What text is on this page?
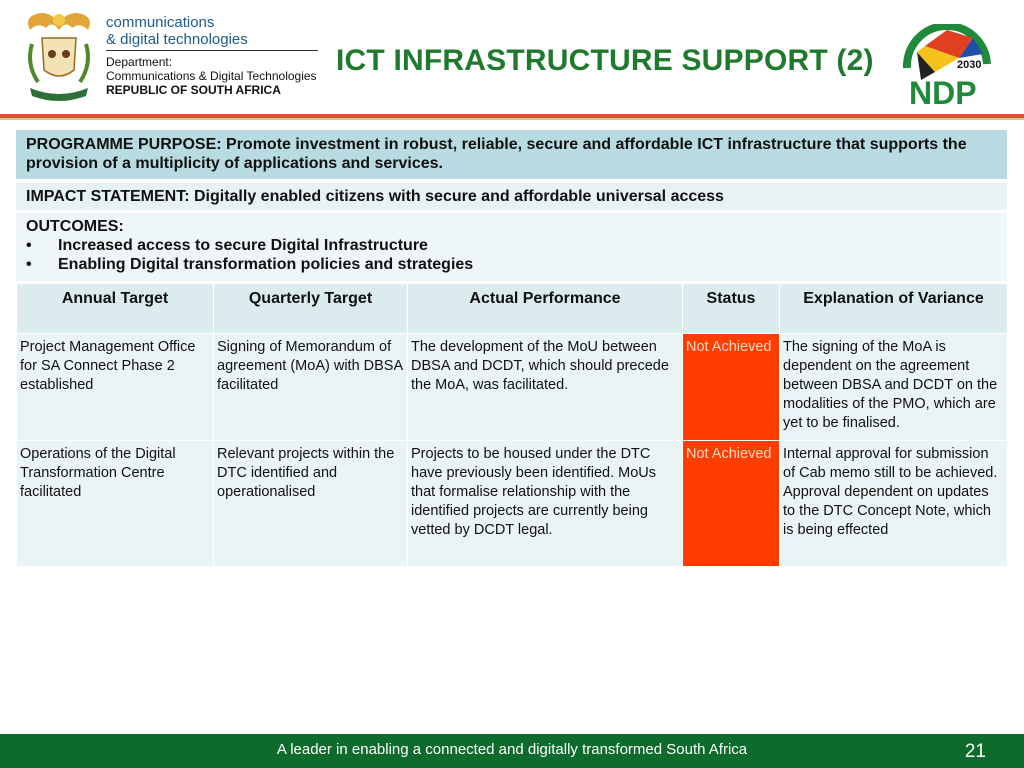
communications
& digital technologies
Department:
Communications & Digital Technologies
REPUBLIC OF SOUTH AFRICA
ICT INFRASTRUCTURE SUPPORT (2)	2030
NDP
PROGRAMME PURPOSE: Promote investment in robust, reliable, secure and affordable ICT infrastructure that supports the provision of a multiplicity of applications and services.
IMPACT STATEMENT: Digitally enabled citizens with secure and affordable universal access
OUTCOMES:
•	Increased access to secure Digital Infrastructure
•	Enabling Digital transformation policies and strategies
Annual Target	Quarterly Target	Actual Performance	Status	Explanation of Variance
Project Management Office for SA Connect Phase 2 established	Signing of Memorandum of agreement (MoA) with DBSA facilitated	The development of the MoU between DBSA and DCDT, which should precede the MoA, was facilitated.	Not Achieved	The signing of the MoA is dependent on the agreement between DBSA and DCDT on the modalities of the PMO, which are yet to be finalised.
Operations of the Digital Transformation Centre facilitated	Relevant projects within the DTC identified and operationalised	Projects to be housed under the DTC have previously been identified. MoUs that formalise relationship with the identified projects are currently being vetted by DCDT legal.	Not Achieved	Internal approval for submission of Cab memo still to be achieved. Approval dependent on updates to the DTC Concept Note, which is being effected
A leader in enabling a connected and digitally transformed South Africa	21
